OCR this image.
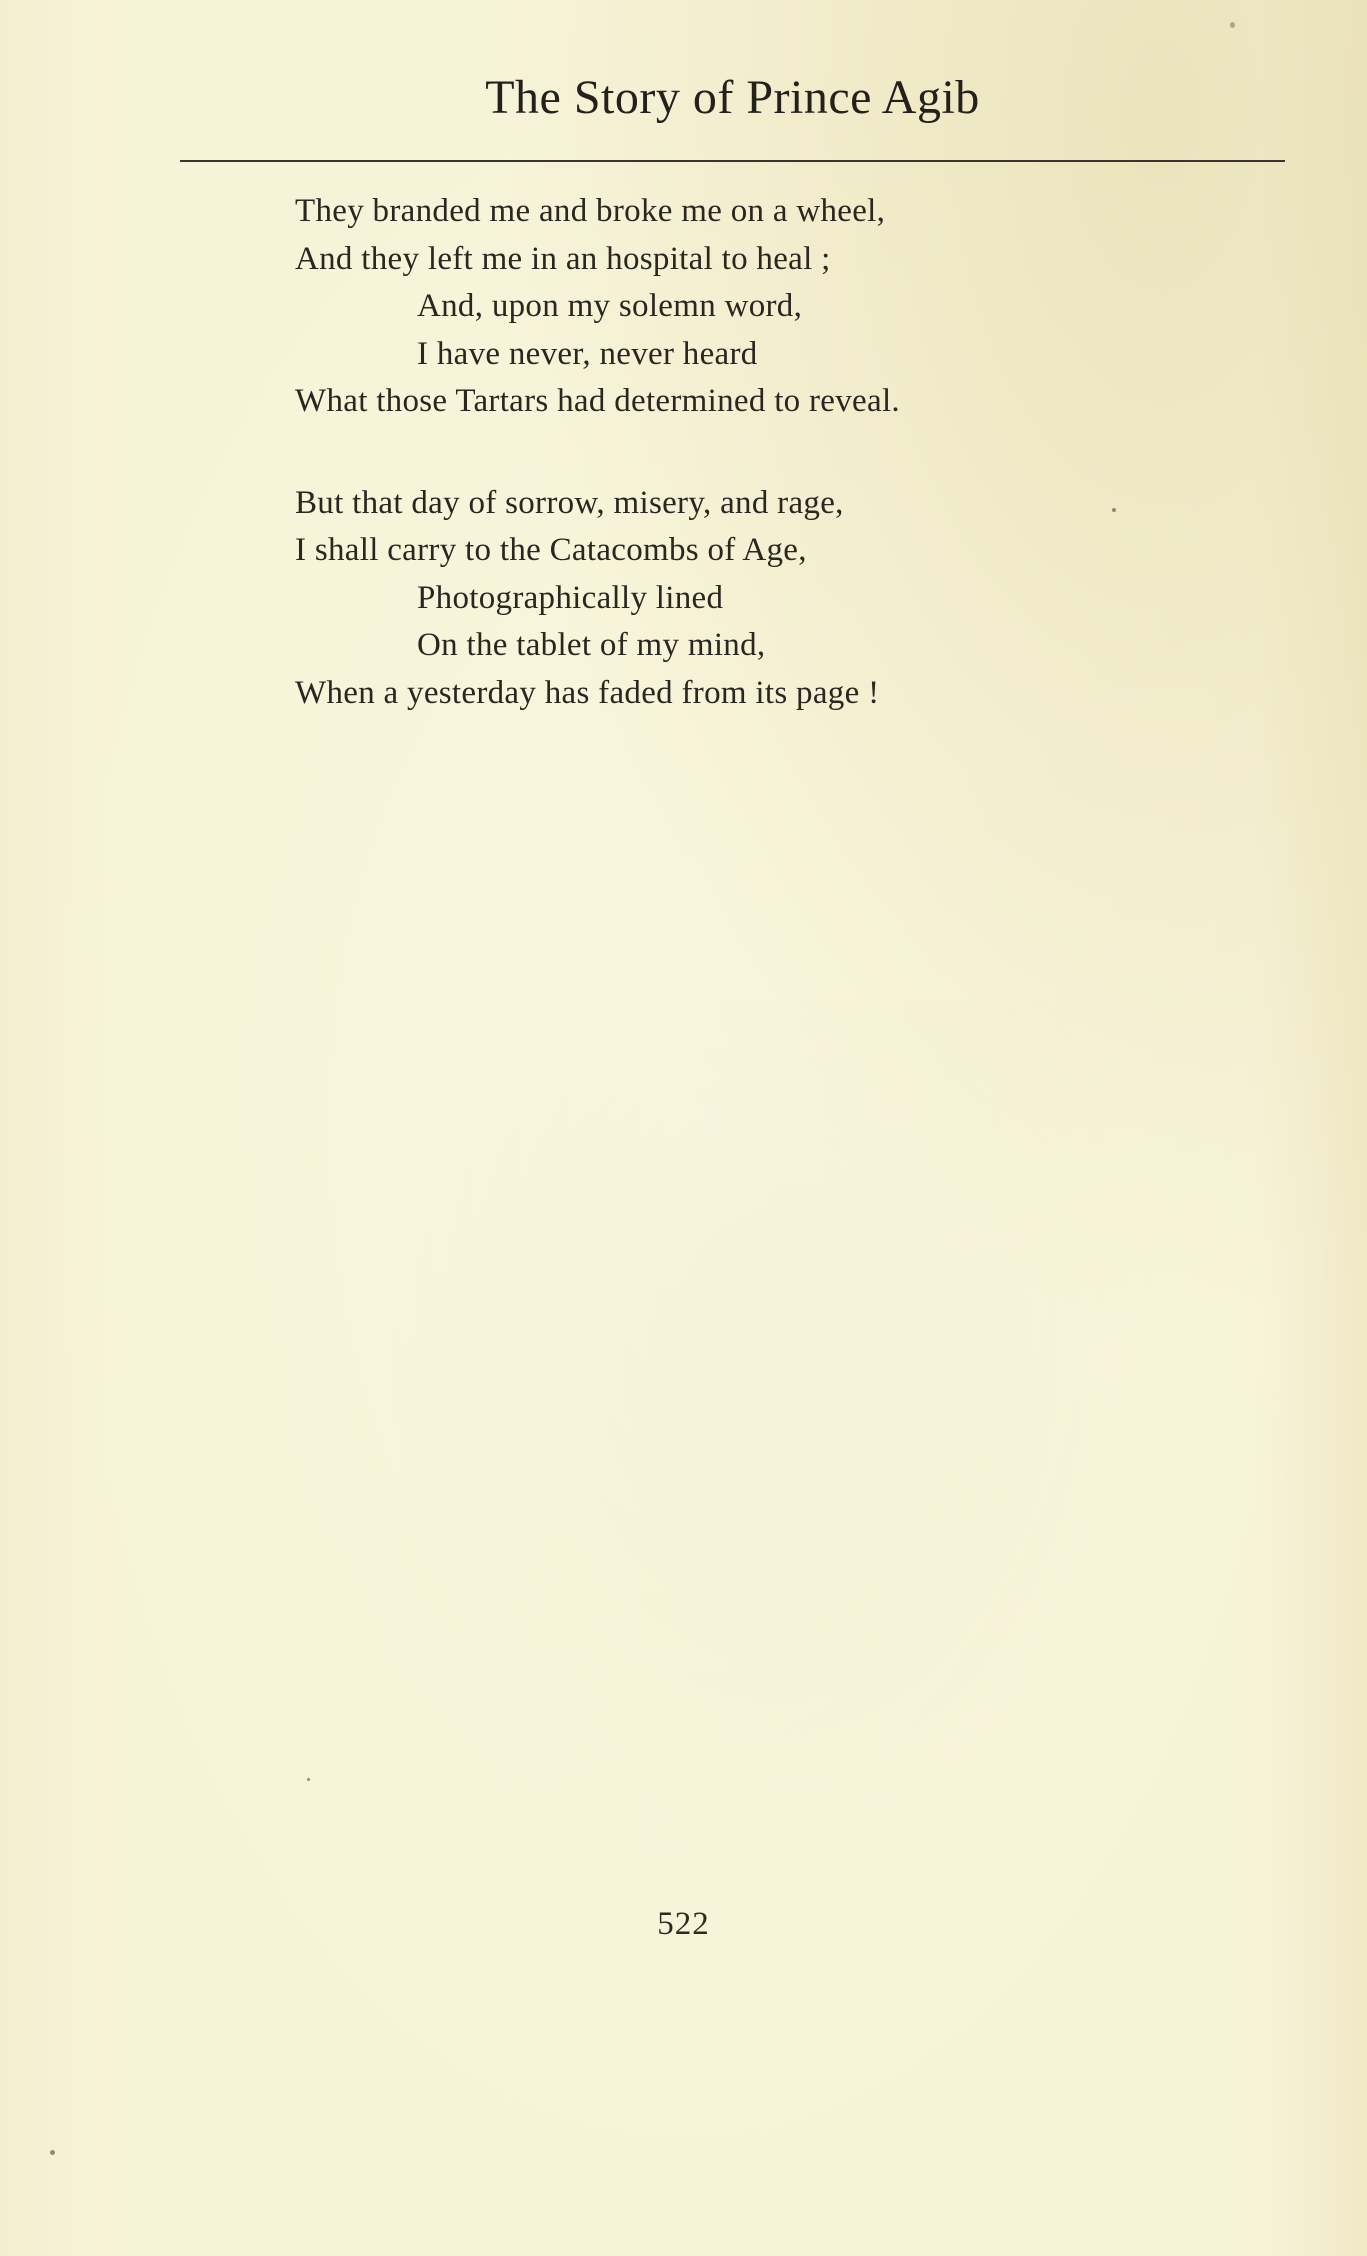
The Story of Prince Agib
They branded me and broke me on a wheel,
And they left me in an hospital to heal ;
And, upon my solemn word,
I have never, never heard
What those Tartars had determined to reveal.
But that day of sorrow, misery, and rage,
I shall carry to the Catacombs of Age,
Photographically lined
On the tablet of my mind,
When a yesterday has faded from its page !
522
